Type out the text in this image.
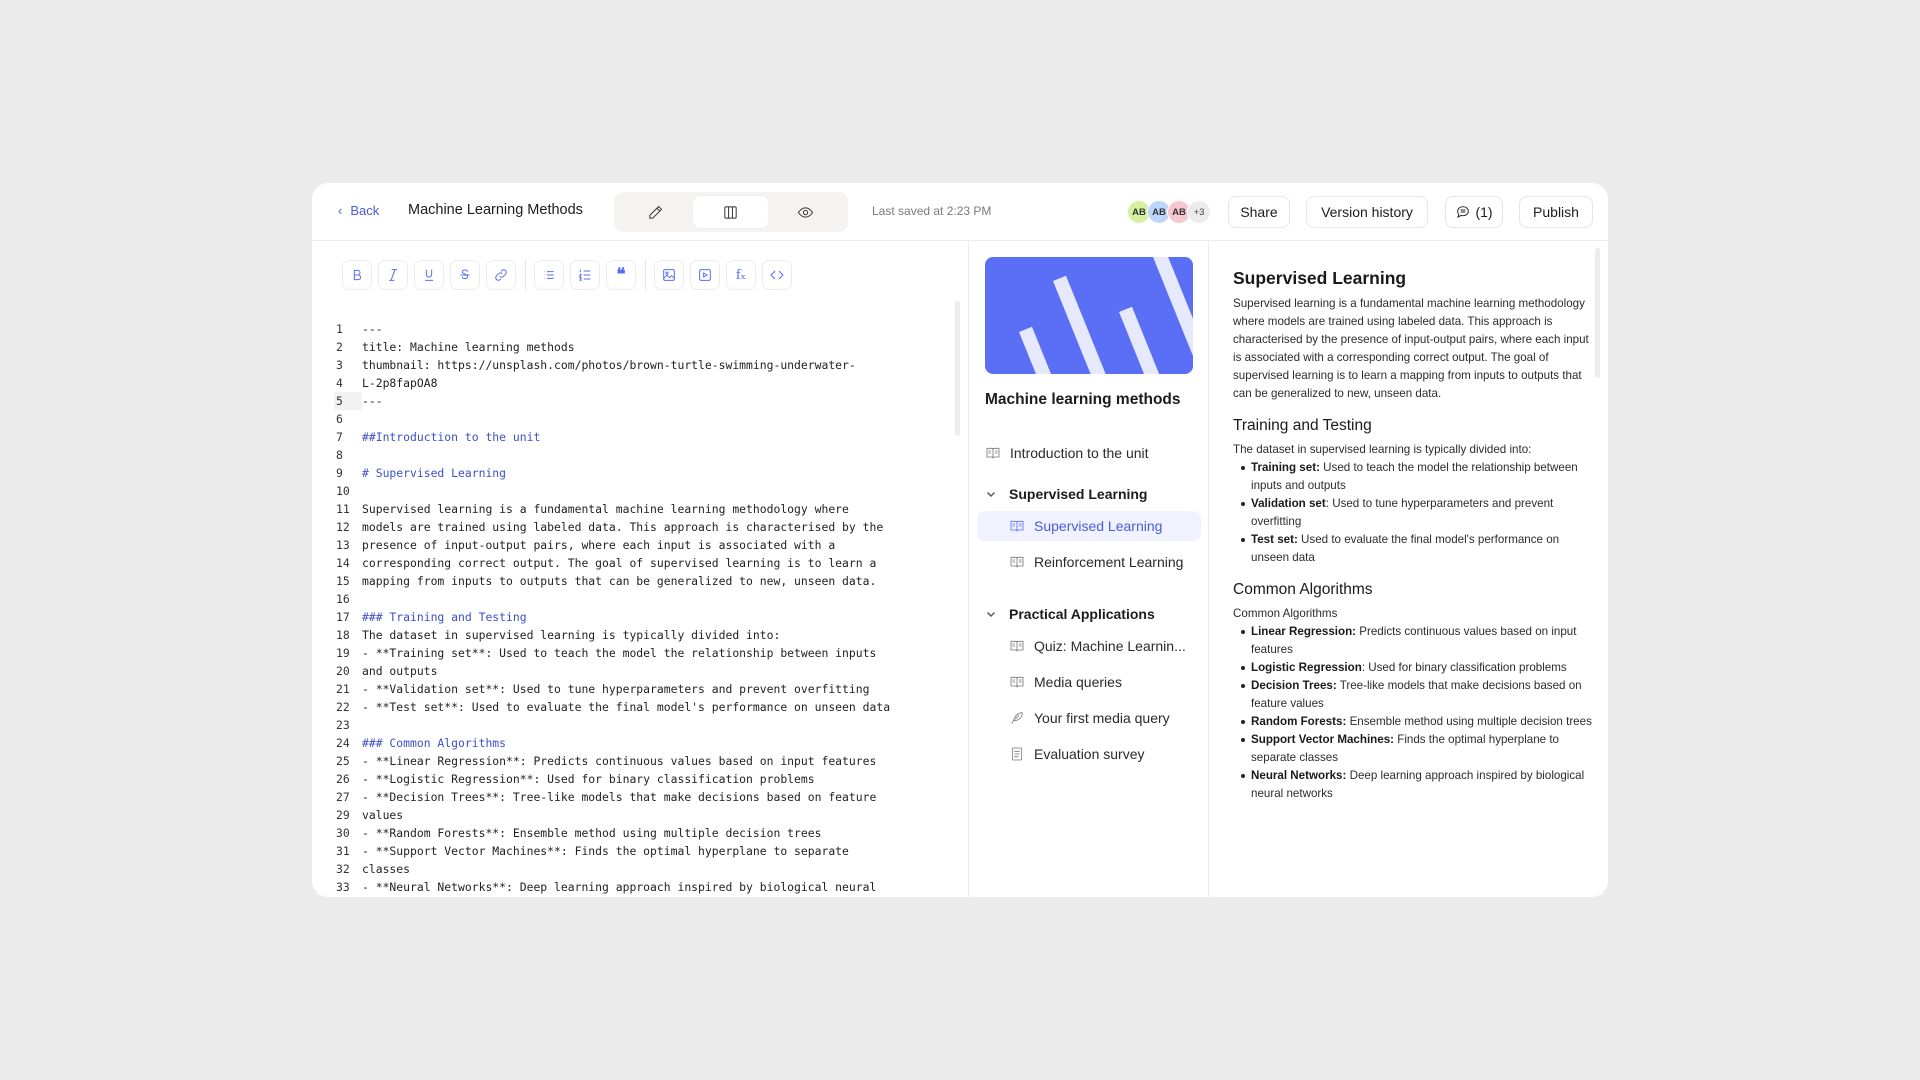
‹ Back Machine Learning Methods	Last saved at 2:23 PM	AB AB AB +3	Share	Version history	(1)	Publish
❝	fₓ
1	---
2	title: Machine learning methods
3	thumbnail: https://unsplash.com/photos/brown-turtle-swimming-underwater-
4	L-2p8fapOA8
5	---
6
7	##Introduction to the unit
8
9	# Supervised Learning
10
11	Supervised learning is a fundamental machine learning methodology where
12	models are trained using labeled data. This approach is characterised by the
13	presence of input-output pairs, where each input is associated with a
14	corresponding correct output. The goal of supervised learning is to learn a
15	mapping from inputs to outputs that can be generalized to new, unseen data.
16
17	### Training and Testing
18	The dataset in supervised learning is typically divided into:
19	- **Training set**: Used to teach the model the relationship between inputs
20	and outputs
21	- **Validation set**: Used to tune hyperparameters and prevent overfitting
22	- **Test set**: Used to evaluate the final model's performance on unseen data
23
24	### Common Algorithms
25	- **Linear Regression**: Predicts continuous values based on input features
26	- **Logistic Regression**: Used for binary classification problems
27	- **Decision Trees**: Tree-like models that make decisions based on feature
29	values
30	- **Random Forests**: Ensemble method using multiple decision trees
31	- **Support Vector Machines**: Finds the optimal hyperplane to separate
32	classes
33	- **Neural Networks**: Deep learning approach inspired by biological neural
Machine learning methods
Introduction to the unit
Supervised Learning
Supervised Learning
Reinforcement Learning
Practical Applications
Quiz: Machine Learnin...
Media queries
Your first media query
Evaluation survey
Supervised Learning

Supervised learning is a fundamental machine learning methodology where models are trained using labeled data. This approach is characterised by the presence of input-output pairs, where each input is associated with a corresponding correct output. The goal of supervised learning is to learn a mapping from inputs to outputs that can be generalized to new, unseen data.

Training and Testing

The dataset in supervised learning is typically divided into:

Training set: Used to teach the model the relationship between inputs and outputs
Validation set: Used to tune hyperparameters and prevent overfitting
Test set: Used to evaluate the final model's performance on unseen data
Common Algorithms

Common Algorithms

Linear Regression: Predicts continuous values based on input features
Logistic Regression: Used for binary classification problems
Decision Trees: Tree-like models that make decisions based on feature values
Random Forests: Ensemble method using multiple decision trees
Support Vector Machines: Finds the optimal hyperplane to separate classes
Neural Networks: Deep learning approach inspired by biological neural networks
